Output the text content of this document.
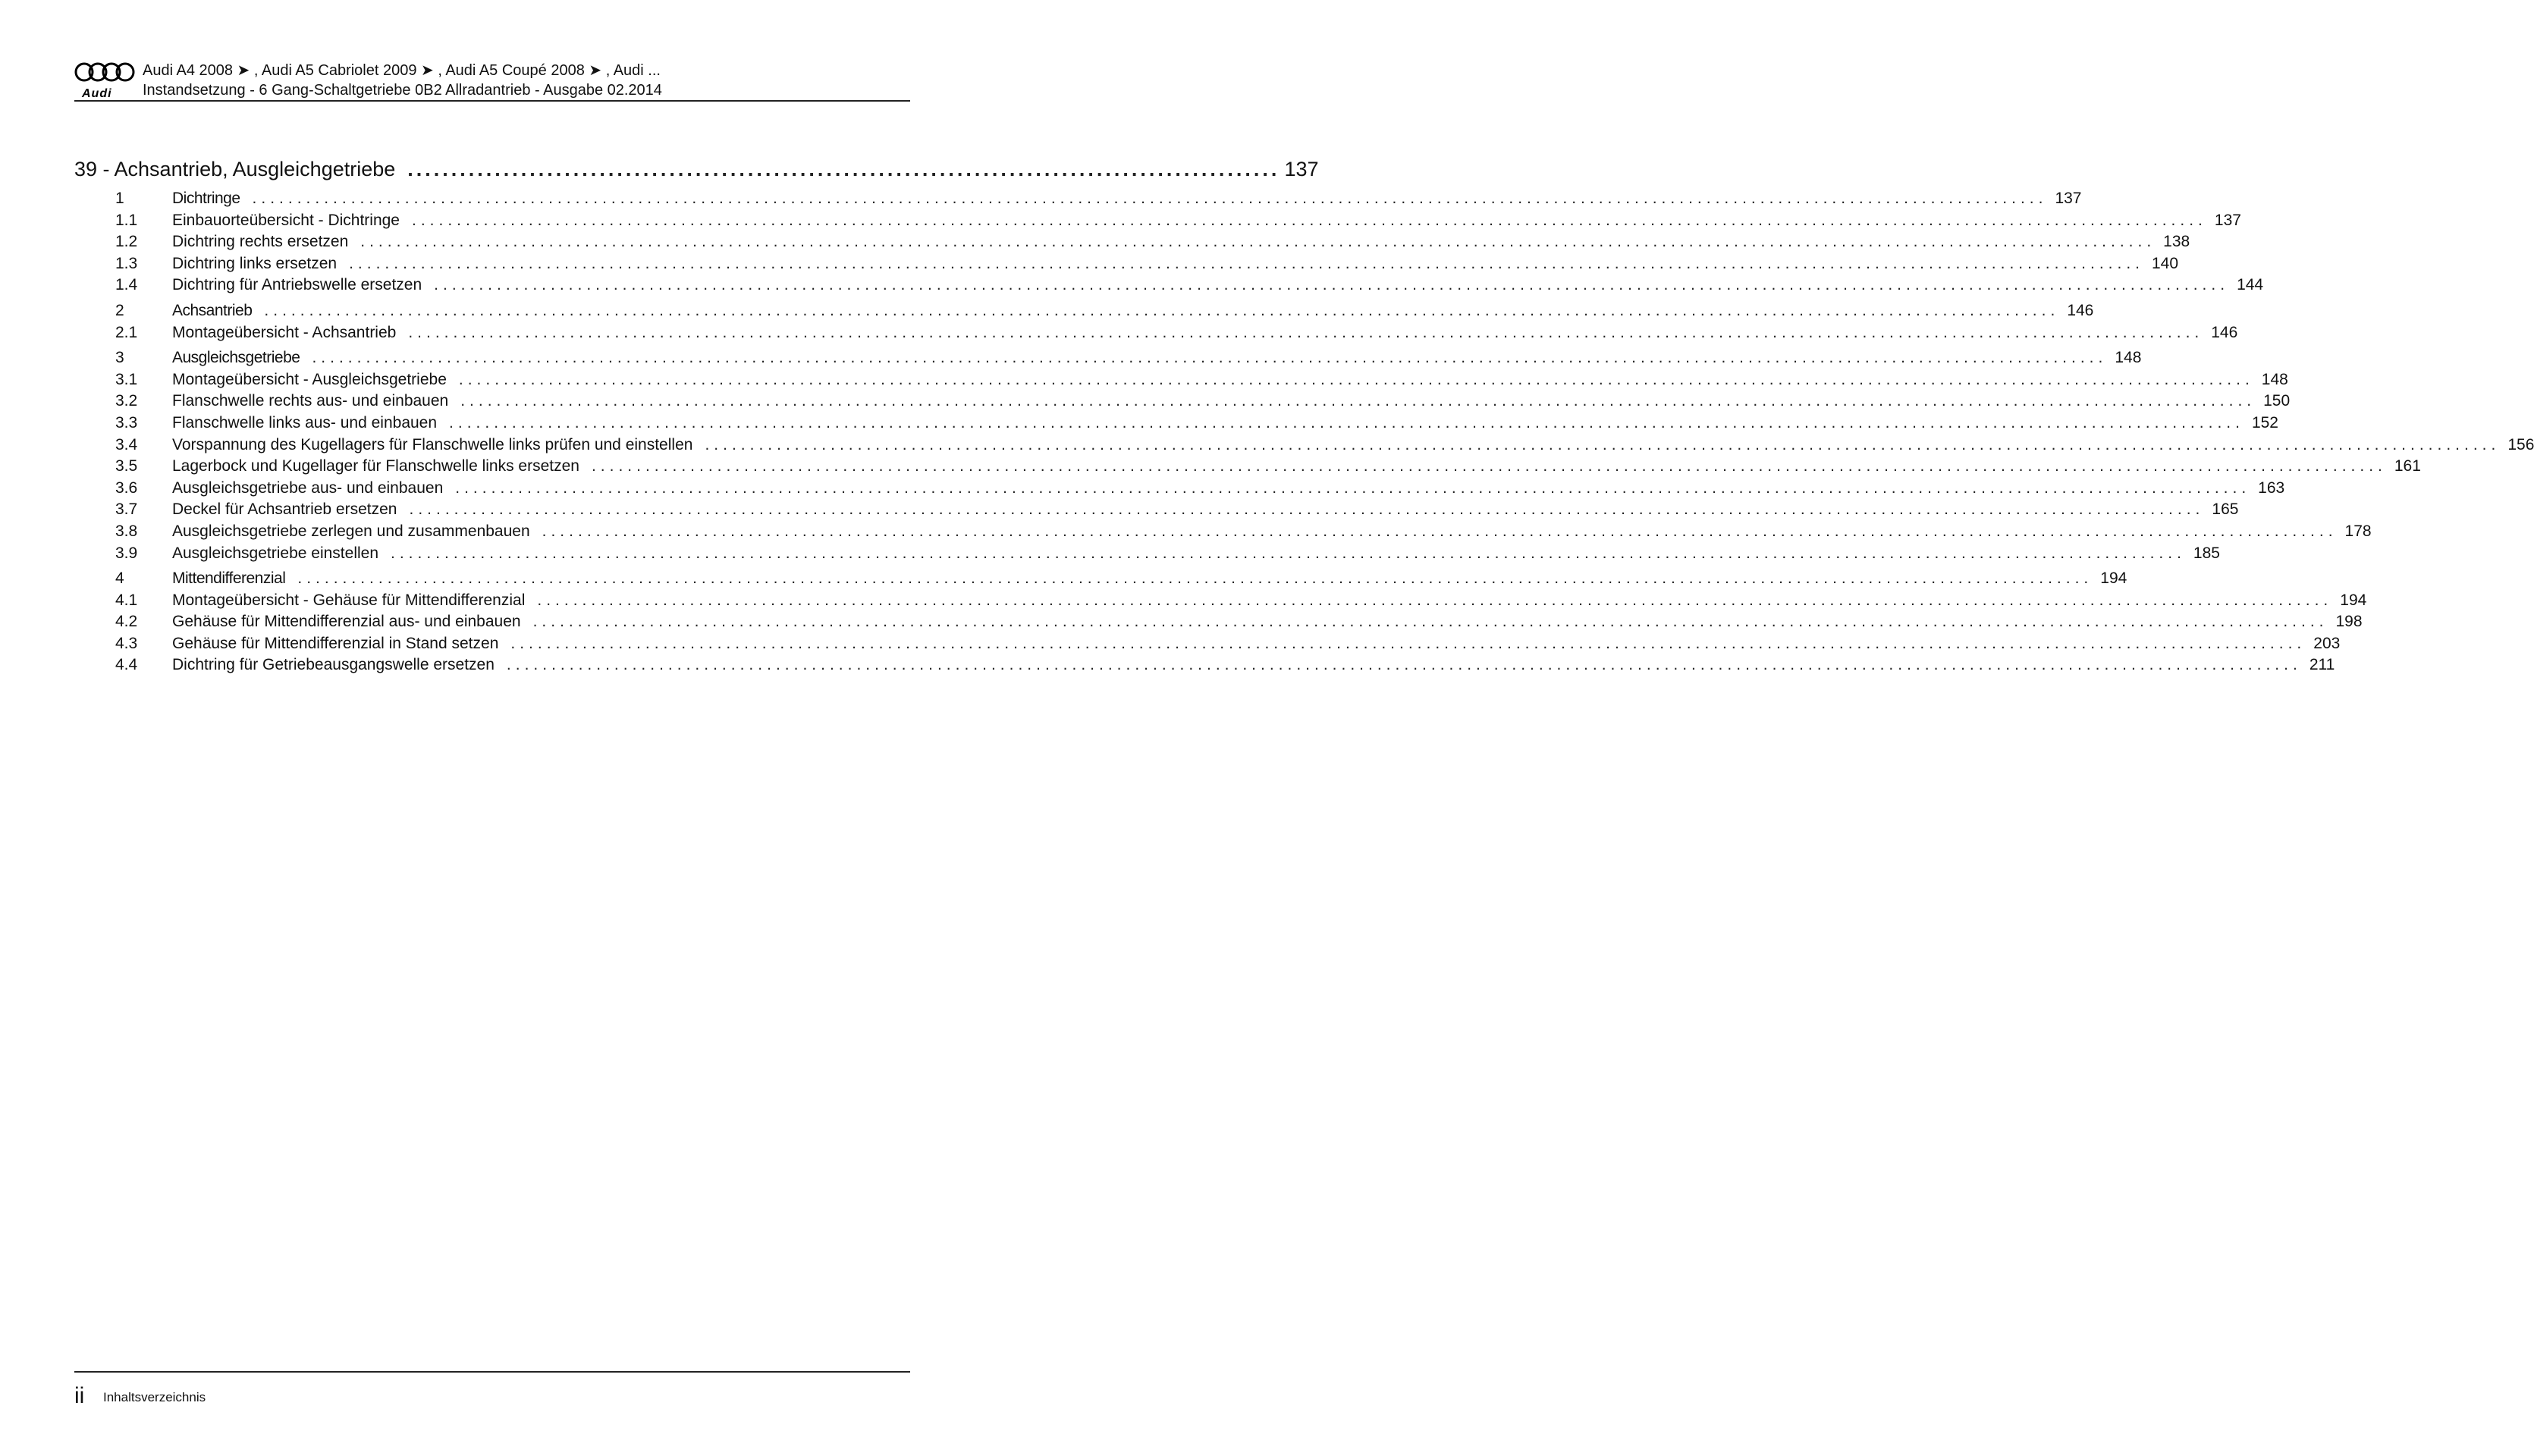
Audi
Audi A4 2008 ➤ , Audi A5 Cabriolet 2009 ➤ , Audi A5 Coupé 2008 ➤ , Audi ...
Instandsetzung - 6 Gang-Schaltgetriebe 0B2 Allradantrieb - Ausgabe 02.2014
39 - Achsantrieb, Ausgleichgetriebe .................................................................................................... 137
1	Dichtringe ........................................................................................................................................................................................................ 137
1.1	Einbauorteübersicht - Dichtringe ........................................................................................................................................................................................................ 137
1.2	Dichtring rechts ersetzen ........................................................................................................................................................................................................ 138
1.3	Dichtring links ersetzen ........................................................................................................................................................................................................ 140
1.4	Dichtring für Antriebswelle ersetzen ........................................................................................................................................................................................................ 144
2	Achsantrieb ........................................................................................................................................................................................................ 146
2.1	Montageübersicht - Achsantrieb ........................................................................................................................................................................................................ 146
3	Ausgleichsgetriebe ........................................................................................................................................................................................................ 148
3.1	Montageübersicht - Ausgleichsgetriebe ........................................................................................................................................................................................................ 148
3.2	Flanschwelle rechts aus- und einbauen ........................................................................................................................................................................................................ 150
3.3	Flanschwelle links aus- und einbauen ........................................................................................................................................................................................................ 152
3.4	Vorspannung des Kugellagers für Flanschwelle links prüfen und einstellen ........................................................................................................................................................................................................ 156
3.5	Lagerbock und Kugellager für Flanschwelle links ersetzen ........................................................................................................................................................................................................ 161
3.6	Ausgleichsgetriebe aus- und einbauen ........................................................................................................................................................................................................ 163
3.7	Deckel für Achsantrieb ersetzen ........................................................................................................................................................................................................ 165
3.8	Ausgleichsgetriebe zerlegen und zusammenbauen ........................................................................................................................................................................................................ 178
3.9	Ausgleichsgetriebe einstellen ........................................................................................................................................................................................................ 185
4	Mittendifferenzial ........................................................................................................................................................................................................ 194
4.1	Montageübersicht - Gehäuse für Mittendifferenzial ........................................................................................................................................................................................................ 194
4.2	Gehäuse für Mittendifferenzial aus- und einbauen ........................................................................................................................................................................................................ 198
4.3	Gehäuse für Mittendifferenzial in Stand setzen ........................................................................................................................................................................................................ 203
4.4	Dichtring für Getriebeausgangswelle ersetzen ........................................................................................................................................................................................................ 211
ii Inhaltsverzeichnis
